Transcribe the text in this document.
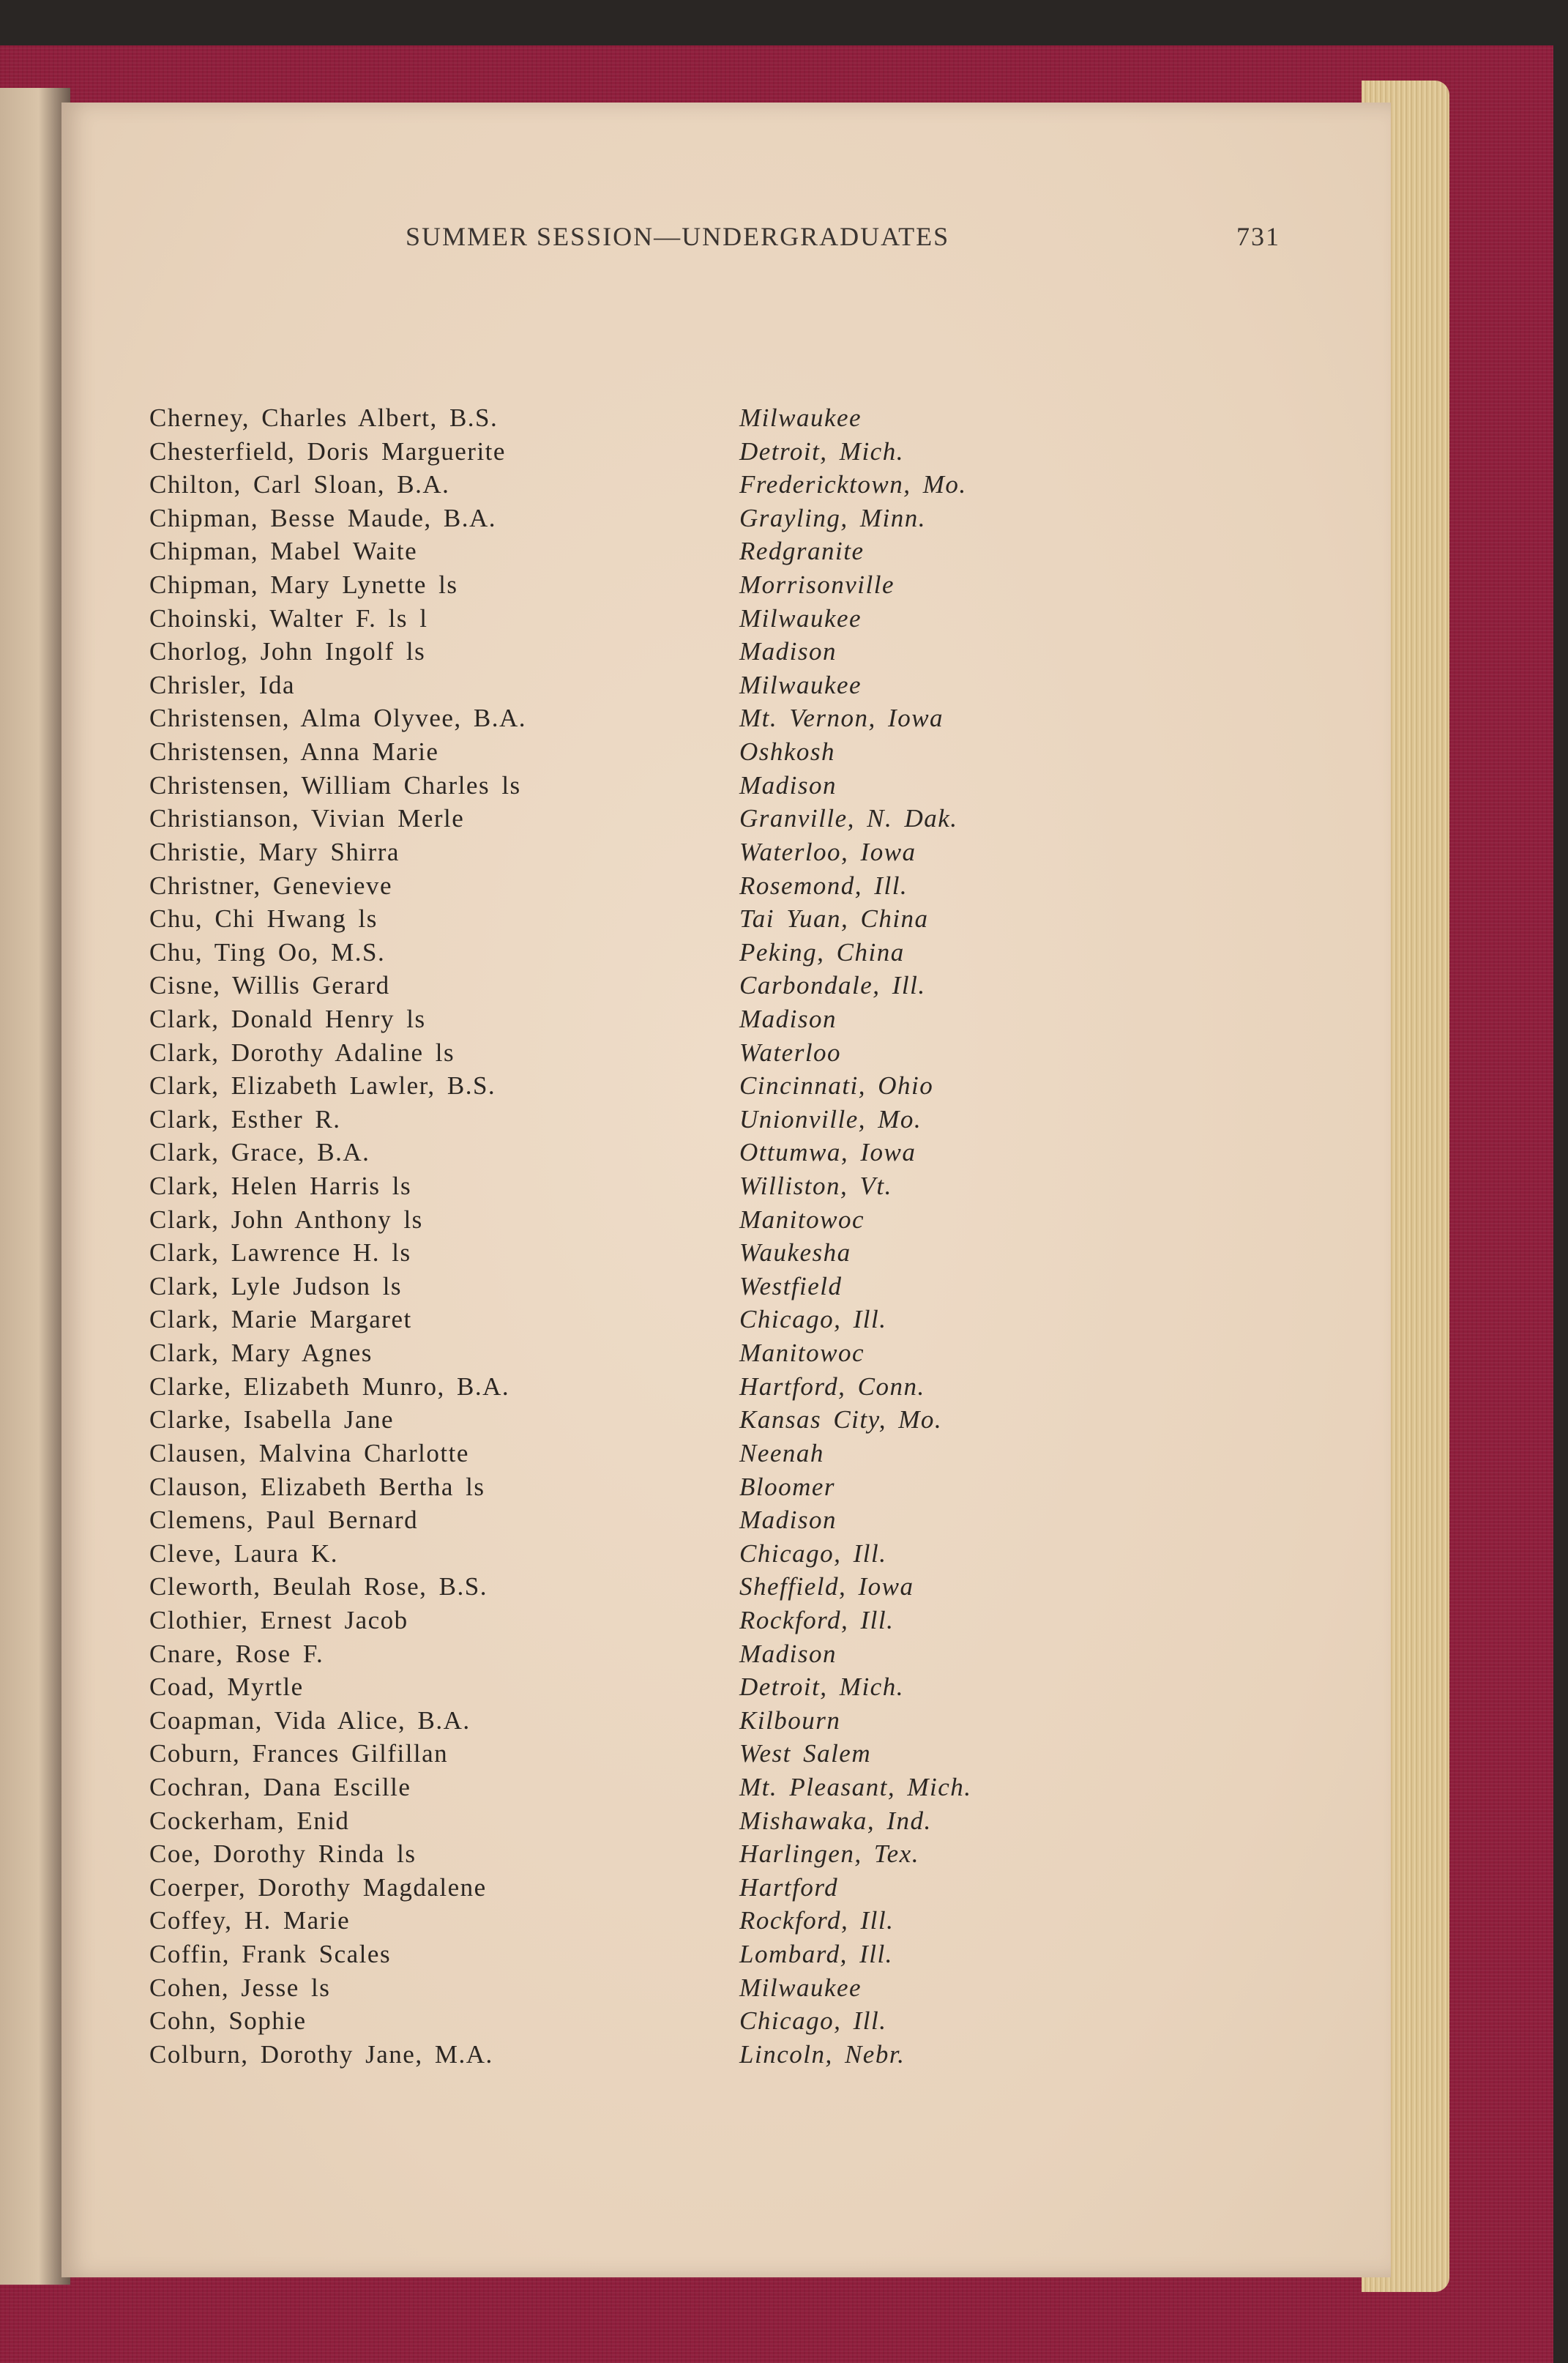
SUMMER SESSION—UNDERGRADUATES	731
Cherney, Charles Albert, B.S.	Milwaukee
Chesterfield, Doris Marguerite	Detroit, Mich.
Chilton, Carl Sloan, B.A.	Fredericktown, Mo.
Chipman, Besse Maude, B.A.	Grayling, Minn.
Chipman, Mabel Waite	Redgranite
Chipman, Mary Lynette ls	Morrisonville
Choinski, Walter F. ls l	Milwaukee
Chorlog, John Ingolf ls	Madison
Chrisler, Ida	Milwaukee
Christensen, Alma Olyvee, B.A.	Mt. Vernon, Iowa
Christensen, Anna Marie	Oshkosh
Christensen, William Charles ls	Madison
Christianson, Vivian Merle	Granville, N. Dak.
Christie, Mary Shirra	Waterloo, Iowa
Christner, Genevieve	Rosemond, Ill.
Chu, Chi Hwang ls	Tai Yuan, China
Chu, Ting Oo, M.S.	Peking, China
Cisne, Willis Gerard	Carbondale, Ill.
Clark, Donald Henry ls	Madison
Clark, Dorothy Adaline ls	Waterloo
Clark, Elizabeth Lawler, B.S.	Cincinnati, Ohio
Clark, Esther R.	Unionville, Mo.
Clark, Grace, B.A.	Ottumwa, Iowa
Clark, Helen Harris ls	Williston, Vt.
Clark, John Anthony ls	Manitowoc
Clark, Lawrence H. ls	Waukesha
Clark, Lyle Judson ls	Westfield
Clark, Marie Margaret	Chicago, Ill.
Clark, Mary Agnes	Manitowoc
Clarke, Elizabeth Munro, B.A.	Hartford, Conn.
Clarke, Isabella Jane	Kansas City, Mo.
Clausen, Malvina Charlotte	Neenah
Clauson, Elizabeth Bertha ls	Bloomer
Clemens, Paul Bernard	Madison
Cleve, Laura K.	Chicago, Ill.
Cleworth, Beulah Rose, B.S.	Sheffield, Iowa
Clothier, Ernest Jacob	Rockford, Ill.
Cnare, Rose F.	Madison
Coad, Myrtle	Detroit, Mich.
Coapman, Vida Alice, B.A.	Kilbourn
Coburn, Frances Gilfillan	West Salem
Cochran, Dana Escille	Mt. Pleasant, Mich.
Cockerham, Enid	Mishawaka, Ind.
Coe, Dorothy Rinda ls	Harlingen, Tex.
Coerper, Dorothy Magdalene	Hartford
Coffey, H. Marie	Rockford, Ill.
Coffin, Frank Scales	Lombard, Ill.
Cohen, Jesse ls	Milwaukee
Cohn, Sophie	Chicago, Ill.
Colburn, Dorothy Jane, M.A.	Lincoln, Nebr.
